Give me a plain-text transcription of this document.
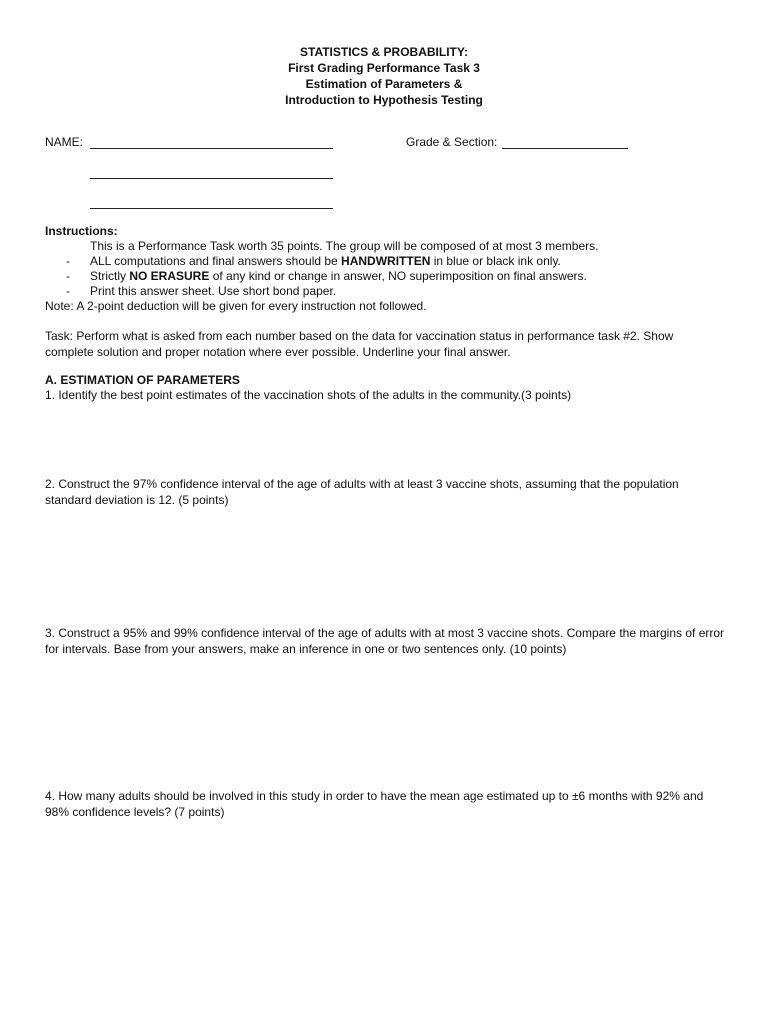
STATISTICS & PROBABILITY:
First Grading Performance Task 3
Estimation of Parameters &
Introduction to Hypothesis Testing
NAME:	Grade & Section:
Instructions:
This is a Performance Task worth 35 points. The group will be composed of at most 3 members.
- ALL computations and final answers should be HANDWRITTEN in blue or black ink only.
- Strictly NO ERASURE of any kind or change in answer, NO superimposition on final answers.
- Print this answer sheet. Use short bond paper.
Note: A 2-point deduction will be given for every instruction not followed.
Task: Perform what is asked from each number based on the data for vaccination status in performance task #2. Show complete solution and proper notation where ever possible. Underline your final answer.
A. ESTIMATION OF PARAMETERS
1. Identify the best point estimates of the vaccination shots of the adults in the community.(3 points)
2. Construct the 97% confidence interval of the age of adults with at least 3 vaccine shots, assuming that the population standard deviation is 12. (5 points)
3. Construct a 95% and 99% confidence interval of the age of adults with at most 3 vaccine shots. Compare the margins of error for intervals. Base from your answers, make an inference in one or two sentences only. (10 points)
4. How many adults should be involved in this study in order to have the mean age estimated up to ±6 months with 92% and 98% confidence levels? (7 points)
